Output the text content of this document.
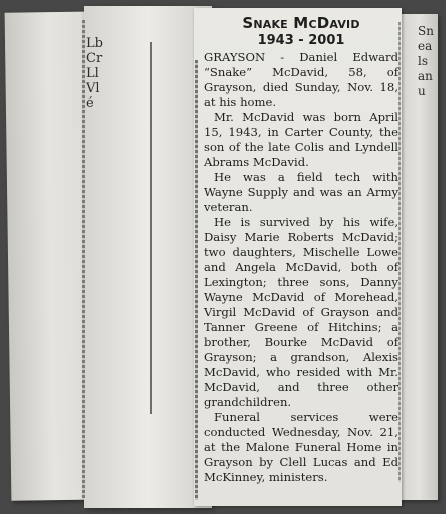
Lb
Cr
Ll
Vl
é
Sn
ea
ls
an
u
Snake McDavid
1943 - 2001

GRAYSON - Daniel Edward “Snake” McDavid, 58, of Grayson, died Sunday, Nov. 18, at his home.

Mr. McDavid was born April 15, 1943, in Carter County, the son of the late Colis and Lyndell Abrams McDavid.

He was a field tech with Wayne Supply and was an Army veteran.

He is survived by his wife, Daisy Marie Roberts McDavid; two daughters, Mischelle Lowe and Angela McDavid, both of Lexington; three sons, Danny Wayne McDavid of Morehead, Virgil McDavid of Grayson and Tanner Greene of Hitchins; a brother, Bourke McDavid of Grayson; a grandson, Alexis McDavid, who resided with Mr. McDavid, and three other grandchildren.

Funeral services were conducted Wednesday, Nov. 21, at the Malone Funeral Home in Grayson by Clell Lucas and Ed McKinney, ministers.
